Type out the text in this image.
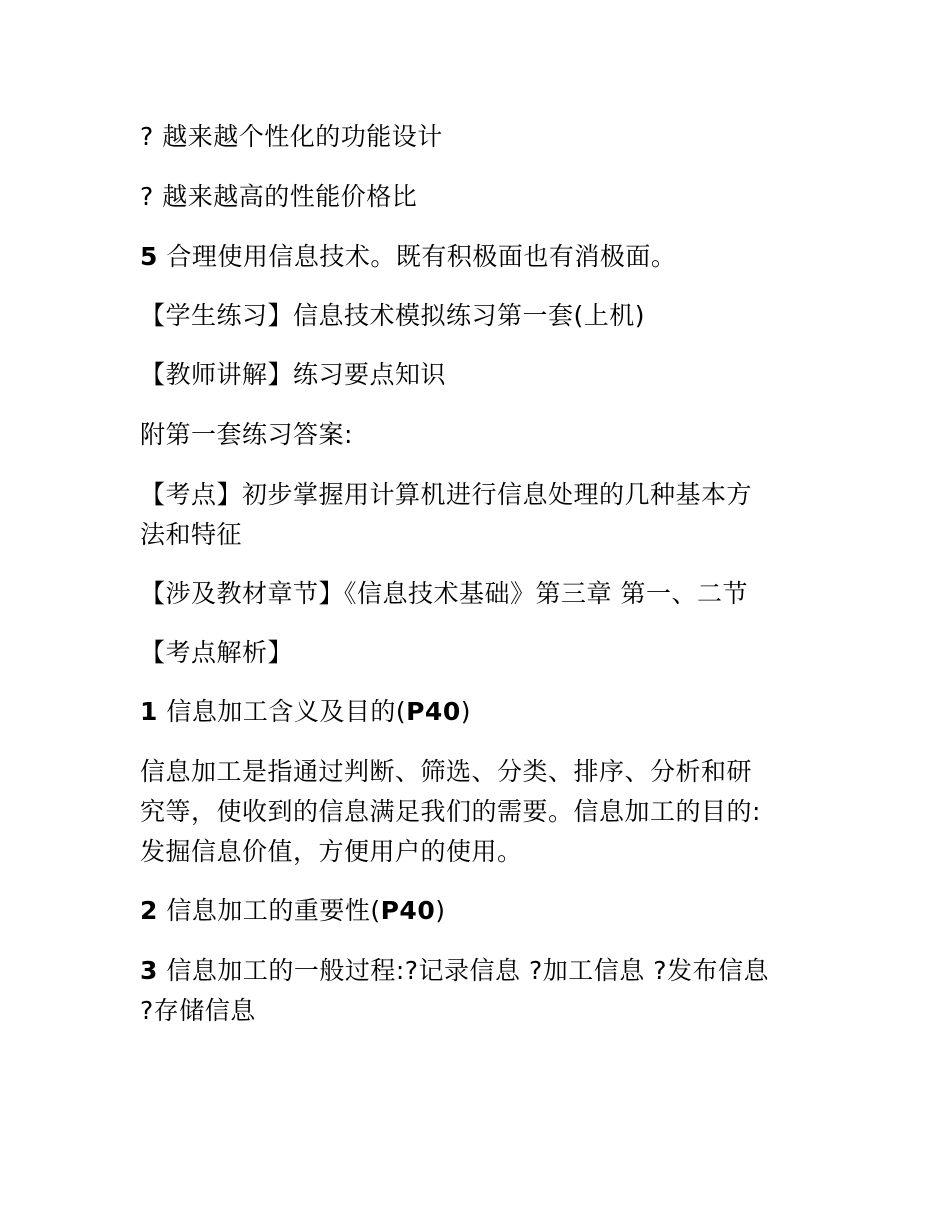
? 越来越个性化的功能设计
? 越来越高的性能价格比
5 合理使用信息技术。既有积极面也有消极面。
【学生练习】信息技术模拟练习第一套(上机)
【教师讲解】练习要点知识
附第一套练习答案:
【考点】初步掌握用计算机进行信息处理的几种基本方
法和特征
【涉及教材章节】《信息技术基础》第三章 第一、二节
【考点解析】
1 信息加工含义及目的(P40)
信息加工是指通过判断、筛选、分类、排序、分析和研
究等，使收到的信息满足我们的需要。信息加工的目的:
发掘信息价值，方便用户的使用。
2 信息加工的重要性(P40)
3 信息加工的一般过程:?记录信息 ?加工信息 ?发布信息
?存储信息
